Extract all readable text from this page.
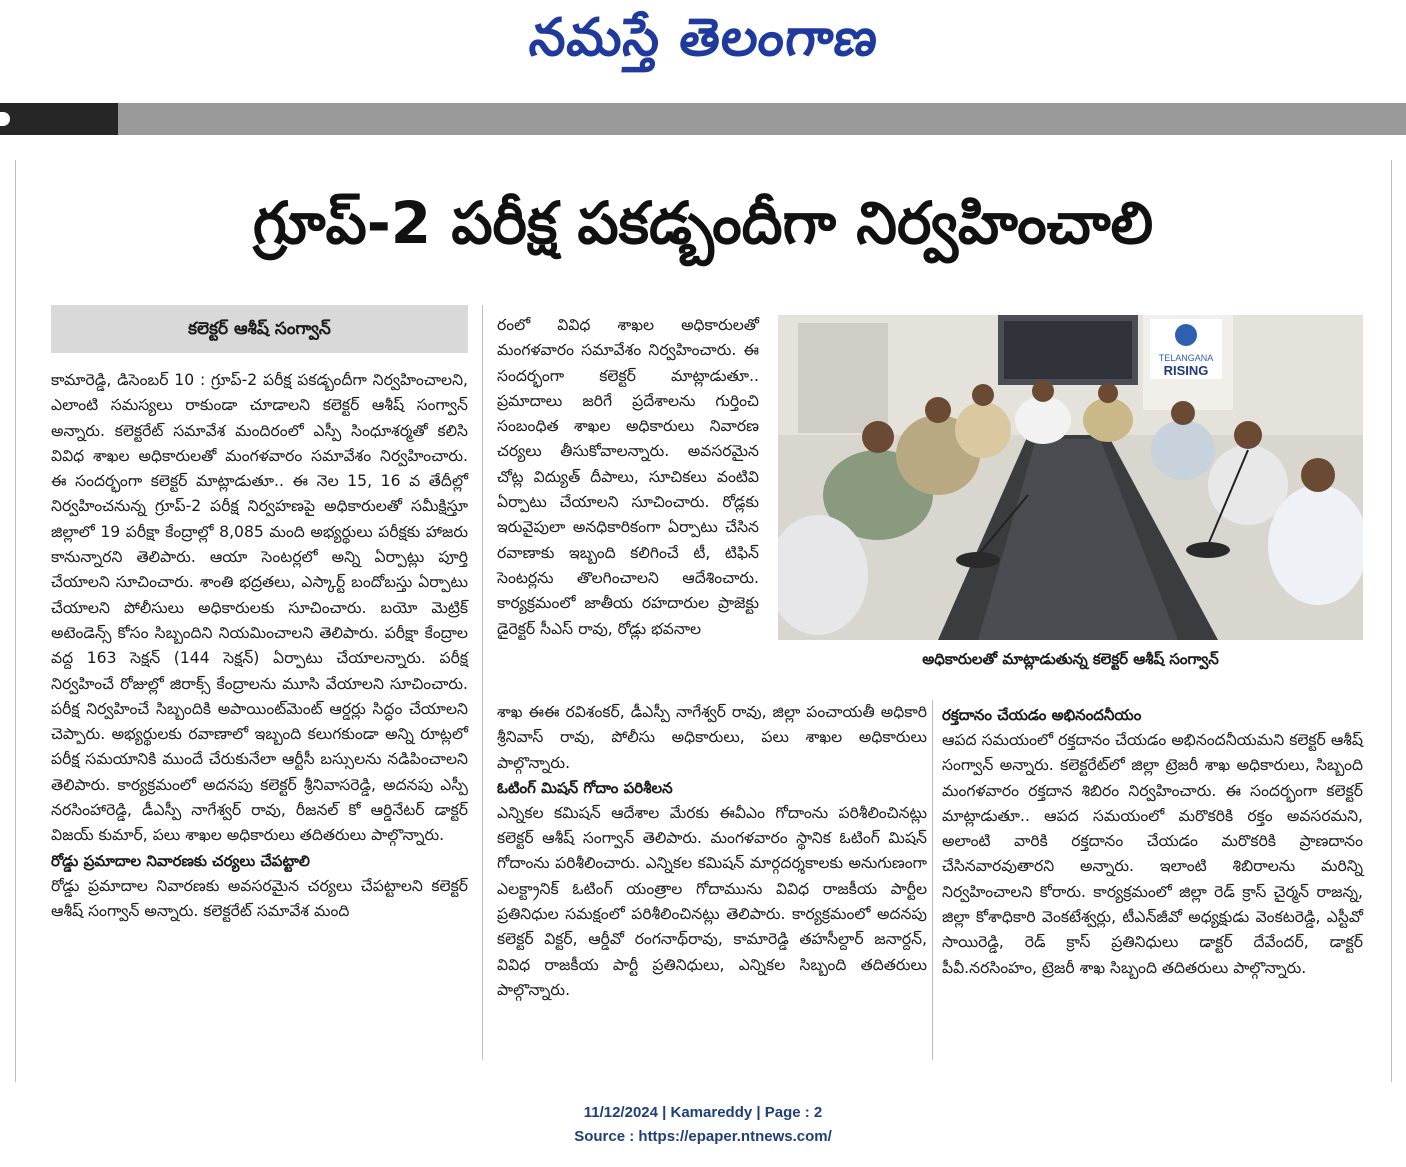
నమస్తే తెలంగాణ
గ్రూప్‌-2 పరీక్ష పకడ్బందీగా నిర్వహించాలి
కలెక్టర్‌ ఆశీష్‌ సంగ్వాన్‌

కామారెడ్డి, డిసెంబర్‌ 10 : గ్రూప్‌-2 పరీక్ష పకడ్బందీగా నిర్వహించాలని, ఎలాంటి సమస్యలు రాకుండా చూడాలని కలెక్టర్‌ ఆశీష్‌ సంగ్వాన్‌ అన్నారు. కలెక్టరేట్‌ సమావేశ మందిరంలో ఎస్పీ సింధూశర్మతో కలిసి వివిధ శాఖల అధికారులతో మంగళవారం సమావేశం నిర్వహించారు. ఈ సందర్భంగా కలెక్టర్‌ మాట్లాడుతూ.. ఈ నెల 15, 16 వ తేదీల్లో నిర్వహించనున్న గ్రూప్‌-2 పరీక్ష నిర్వహణపై అధికారులతో సమీక్షిస్తూ జిల్లాలో 19 పరీక్షా కేంద్రాల్లో 8,085 మంది అభ్యర్థులు పరీక్షకు హాజరు కానున్నారని తెలిపారు. ఆయా సెంటర్లలో అన్ని ఏర్పాట్లు పూర్తి చేయాలని సూచించారు. శాంతి భద్రతలు, ఎస్కార్ట్‌ బందోబస్తు ఏర్పాటు చేయాలని పోలీసులు అధికారులకు సూచించారు. బయో మెట్రిక్‌ అటెండెన్స్‌ కోసం సిబ్బందిని నియమించాలని తెలిపారు. పరీక్షా కేంద్రాల వద్ద 163 సెక్షన్‌ (144 సెక్షన్‌) ఏర్పాటు చేయాలన్నారు. పరీక్ష నిర్వహించే రోజుల్లో జిరాక్స్‌ కేంద్రాలను మూసి వేయాలని సూచించారు. పరీక్ష నిర్వహించే సిబ్బందికి అపాయింట్‌మెంట్‌ ఆర్డర్లు సిద్ధం చేయాలని చెప్పారు. అభ్యర్థులకు రవాణాలో ఇబ్బంది కలుగకుండా అన్ని రూట్లలో పరీక్ష సమయానికి ముందే చేరుకునేలా ఆర్టీసీ బస్సులను నడిపించాలని తెలిపారు. కార్యక్రమంలో అదనపు కలెక్టర్‌ శ్రీనివాసరెడ్డి, అదనపు ఎస్పీ నరసింహారెడ్డి, డీఎస్పీ నాగేశ్వర్‌ రావు, రీజనల్‌ కో ఆర్డినేటర్‌ డాక్టర్‌ విజయ్‌ కుమార్‌, పలు శాఖల అధికారులు తదితరులు పాల్గొన్నారు.

రోడ్డు ప్రమాదాల నివారణకు చర్యలు చేపట్టాలి

రోడ్డు ప్రమాదాల నివారణకు అవసరమైన చర్యలు చేపట్టాలని కలెక్టర్‌ ఆశీష్‌ సంగ్వాన్‌ అన్నారు. కలెక్టరేట్‌ సమావేశ మంది

రంలో వివిధ శాఖల అధికారులతో మంగళవారం సమావేశం నిర్వహించారు. ఈ సందర్భంగా కలెక్టర్‌ మాట్లాడుతూ.. ప్రమాదాలు జరిగే ప్రదేశాలను గుర్తించి సంబంధిత శాఖల అధికారులు నివారణ చర్యలు తీసుకోవాలన్నారు. అవసరమైన చోట్ల విద్యుత్‌ దీపాలు, సూచికలు వంటివి ఏర్పాటు చేయాలని సూచించారు. రోడ్లకు ఇరువైపులా అనధికారికంగా ఏర్పాటు చేసిన రవాణాకు ఇబ్బంది కలిగించే టీ, టిఫిన్‌ సెంటర్లను తొలగించాలని ఆదేశించారు. కార్యక్రమంలో జాతీయ రహదారుల ప్రాజెక్టు డైరెక్టర్‌ సీఎస్‌ రావు, రోడ్లు భవనాల

శాఖ ఈఈ రవిశంకర్‌, డీఎస్పీ నాగేశ్వర్‌ రావు, జిల్లా పంచాయతీ అధికారి శ్రీనివాస్‌ రావు, పోలీసు అధికారులు, పలు శాఖల అధికారులు పాల్గొన్నారు.

ఓటింగ్‌ మిషన్‌ గోదాం పరిశీలన

ఎన్నికల కమిషన్‌ ఆదేశాల మేరకు ఈవీఎం గోదాంను పరిశీలించినట్లు కలెక్టర్‌ ఆశీష్‌ సంగ్వాన్‌ తెలిపారు. మంగళవారం స్థానిక ఓటింగ్‌ మిషన్‌ గోదాంను పరిశీలించారు. ఎన్నికల కమిషన్‌ మార్గదర్శకాలకు అనుగుణంగా ఎలక్ట్రానిక్‌ ఓటింగ్‌ యంత్రాల గోదామును వివిధ రాజకీయ పార్టీల ప్రతినిధుల సమక్షంలో పరిశీలించినట్లు తెలిపారు. కార్యక్రమంలో అదనపు కలెక్టర్‌ విక్టర్‌, ఆర్డీవో రంగనాథ్‌రావు, కామారెడ్డి తహసీల్దార్‌ జనార్దన్‌, వివిధ రాజకీయ పార్టీ ప్రతినిధులు, ఎన్నికల సిబ్బంది తదితరులు పాల్గొన్నారు.

రక్తదానం చేయడం అభినందనీయం

ఆపద సమయంలో రక్తదానం చేయడం అభినందనీయమని కలెక్టర్‌ ఆశీష్‌ సంగ్వాన్‌ అన్నారు. కలెక్టరేట్‌లో జిల్లా ట్రెజరీ శాఖ అధికారులు, సిబ్బంది మంగళవారం రక్తదాన శిబిరం నిర్వహించారు. ఈ సందర్భంగా కలెక్టర్‌ మాట్లాడుతూ.. ఆపద సమయంలో మరొకరికి రక్తం అవసరమని, అలాంటి వారికి రక్తదానం చేయడం మరొకరికి ప్రాణదానం చేసినవారవుతారని అన్నారు. ఇలాంటి శిబిరాలను మరిన్ని నిర్వహించాలని కోరారు. కార్యక్రమంలో జిల్లా రెడ్‌ క్రాస్‌ చైర్మన్‌ రాజన్న, జిల్లా కోశాధికారి వెంకటేశ్వర్లు, టీఎన్‌జీవో అధ్యక్షుడు వెంకటరెడ్డి, ఎస్టీవో సాయిరెడ్డి, రెడ్‌ క్రాస్‌ ప్రతినిధులు డాక్టర్‌ దేవేందర్‌, డాక్టర్‌ పీవీ.నరసింహం, ట్రెజరీ శాఖ సిబ్బంది తదితరులు పాల్గొన్నారు.

TELANGANA
RISING
అధికారులతో మాట్లాడుతున్న కలెక్టర్‌ ఆశీష్‌ సంగ్వాన్‌
11/12/2024 | Kamareddy | Page : 2
Source : https://epaper.ntnews.com/
